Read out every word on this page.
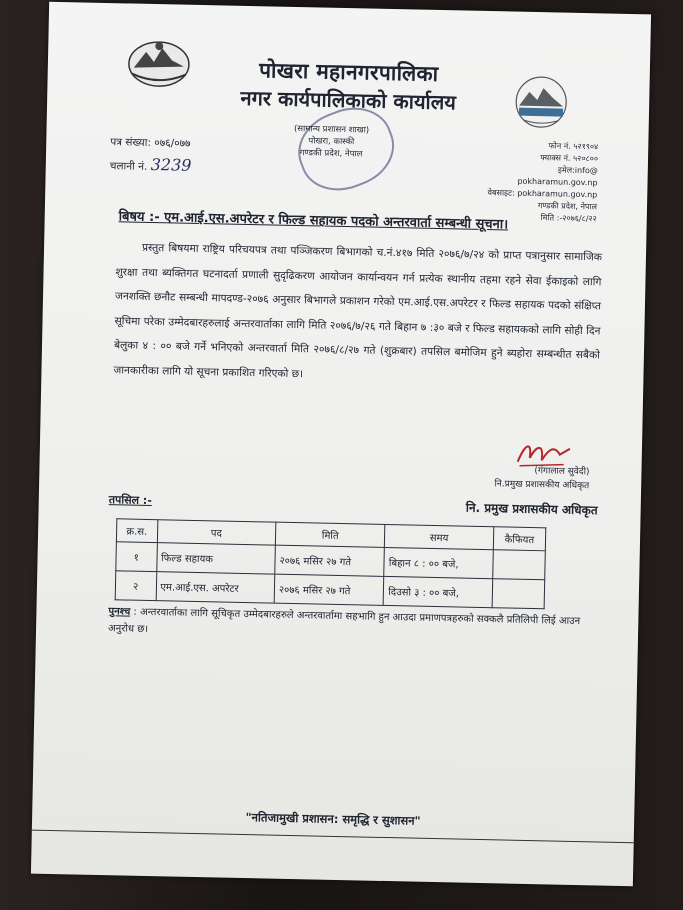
पोखरा महानगरपालिका
नगर कार्यपालिकाको कार्यालय
(सामान्य प्रशासन शाखा)
पोखरा, कास्की
गण्डकी प्रदेश, नेपाल
पत्र संख्या: ०७६/०७७
चलानी नं. 3239
फोन नं. ५२१९०४
फ्याक्स नं. ५२०८००
इमेल:info@ pokharamun.gov.np
वेबसाइट: pokharamun.gov.np
गण्डकी प्रदेश, नेपाल
मिति :-२०७६/८/२२
बिषय :- एम.आई.एस.अपरेटर र फिल्ड सहायक पदको अन्तरवार्ता सम्बन्धी सूचना।
प्रस्तुत बिषयमा राष्ट्रिय परिचयपत्र तथा पञ्जिकरण बिभागको च.नं.४१७ मिति २०७६/७/२४ को प्राप्त पत्रानुसार सामाजिक शुरक्षा तथा ब्यक्तिगत घटनादर्ता प्रणाली सुदृढिकरण आयोजन कार्यान्वयन गर्न प्रत्येक स्थानीय तहमा रहने सेवा ईकाइको लागि जनशक्ति छनौट सम्बन्धी मापदण्ड-२०७६ अनुसार बिभागले प्रकाशन गरेको एम.आई.एस.अपरेटर र फिल्ड सहायक पदको संक्षिप्त सूचिमा परेका उम्मेदबारहरुलाई अन्तरवार्ताका लागि मिति २०७६/७/२६ गते बिहान ७ :३० बजे र फिल्ड सहायकको लागि सोही दिन बेलुका ४ : ०० बजे गर्ने भनिएको अन्तरवार्ता मिति २०७६/८/२७ गते (शुक्रबार) तपसिल बमोजिम हुने ब्यहोरा सम्बन्धीत सबैको जानकारीका लागि यो सूचना प्रकाशित गरिएको छ।
(गंगालाल सुवेदी)
नि.प्रमुख प्रशासकीय अधिकृत
नि. प्रमुख प्रशासकीय अधिकृत
तपसिल :-
क्र.स.	पद	मिति	समय	कैफियत
१	फिल्ड सहायक	२०७६ मसिर २७ गते	बिहान ८ : ०० बजे,	
२	एम.आई.एस. अपरेटर	२०७६ मसिर २७ गते	दिउसो ३ : ०० बजे,	
पुनश्च : अन्तरवार्ताका लागि सूचिकृत उम्मेदबारहरुले अन्तरवार्तामा सहभागि हुन आउदा प्रमाणपत्रहरुको सक्कलै प्रतिलिपी लिई आउन अनुरोध छ।
"नतिजामुखी प्रशासन: समृद्धि र सुशासन"
